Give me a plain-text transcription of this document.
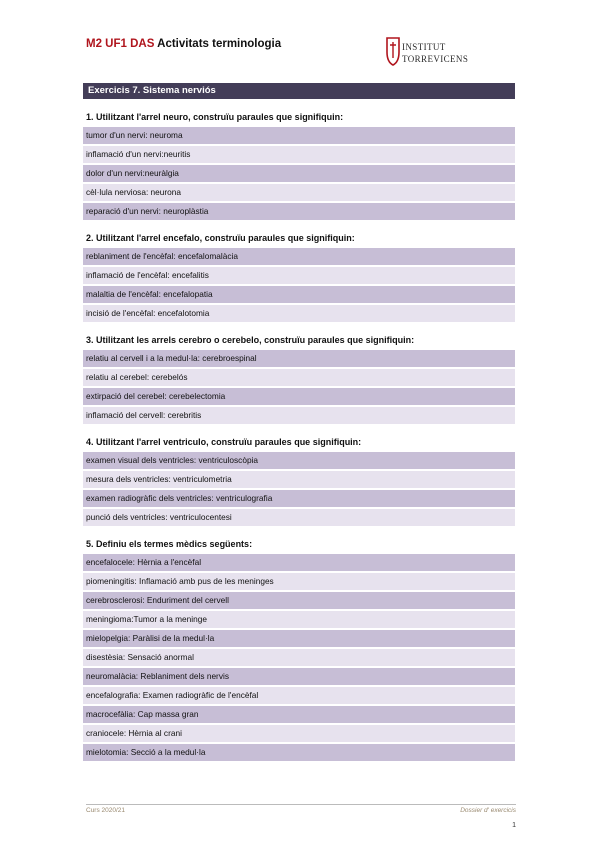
M2 UF1 DAS Activitats terminologia	INSTITUT
TORREVICENS
Exercicis 7. Sistema nerviós
1. Utilitzant l'arrel neuro, construïu paraules que signifiquin:
tumor d'un nervi: neuroma
inflamació d'un nervi:neuritis
dolor d'un nervi:neuràlgia
cèl·lula nerviosa: neurona
reparació d'un nervi: neuroplàstia
2. Utilitzant l'arrel encefalo, construïu paraules que signifiquin:
reblaniment de l'encèfal: encefalomalàcia
inflamació de l'encèfal: encefalitis
malaltia de l'encèfal: encefalopatia
incisió de l'encèfal: encefalotomia
3. Utilitzant les arrels cerebro o cerebelo, construïu paraules que signifiquin:
relatiu al cervell i a la medul·la: cerebroespinal
relatiu al cerebel: cerebelós
extirpació del cerebel: cerebelectomia
inflamació del cervell: cerebritis
4. Utilitzant l'arrel ventriculo, construïu paraules que signifiquin:
examen visual dels ventricles: ventriculoscòpia
mesura dels ventricles: ventriculometria
examen radiogràfic dels ventricles: ventriculografia
punció dels ventricles: ventriculocentesi
5. Definiu els termes mèdics següents:
encefalocele: Hèrnia a l'encèfal
piomeningitis: Inflamació amb pus de les meninges
cerebrosclerosi: Enduriment del cervell
meningioma:Tumor a la meninge
mielopelgia: Paràlisi de la medul·la
disestèsia: Sensació anormal
neuromalàcia: Reblaniment dels nervis
encefalografia: Examen radiogràfic de l'encèfal
macrocefàlia: Cap massa gran
craniocele: Hèrnia al crani
mielotomia: Secció a la medul·la
Curs 2020/21	Dossier d' exercicis
1
